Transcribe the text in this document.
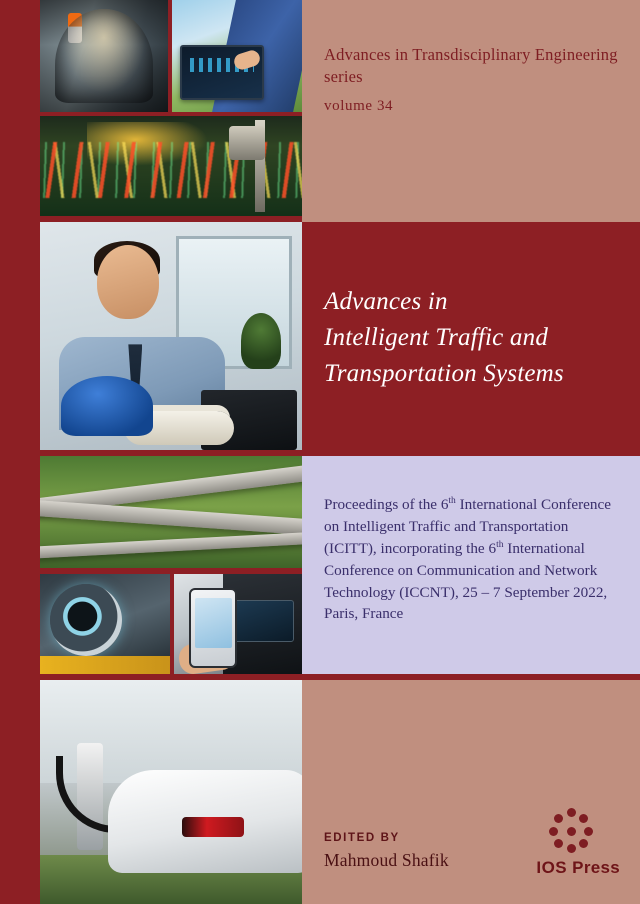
Advances in Transdisciplinary Engineering series
volume 34
Advances in
Intelligent Traffic and
Transportation Systems
Proceedings of the 6th International Conference on Intelligent Traffic and Transportation (ICITT), incorporating the 6th International Conference on Communication and Network Technology (ICCNT), 25 – 7 September 2022, Paris, France
EDITED BY
Mahmoud Shafik	IOS Press
